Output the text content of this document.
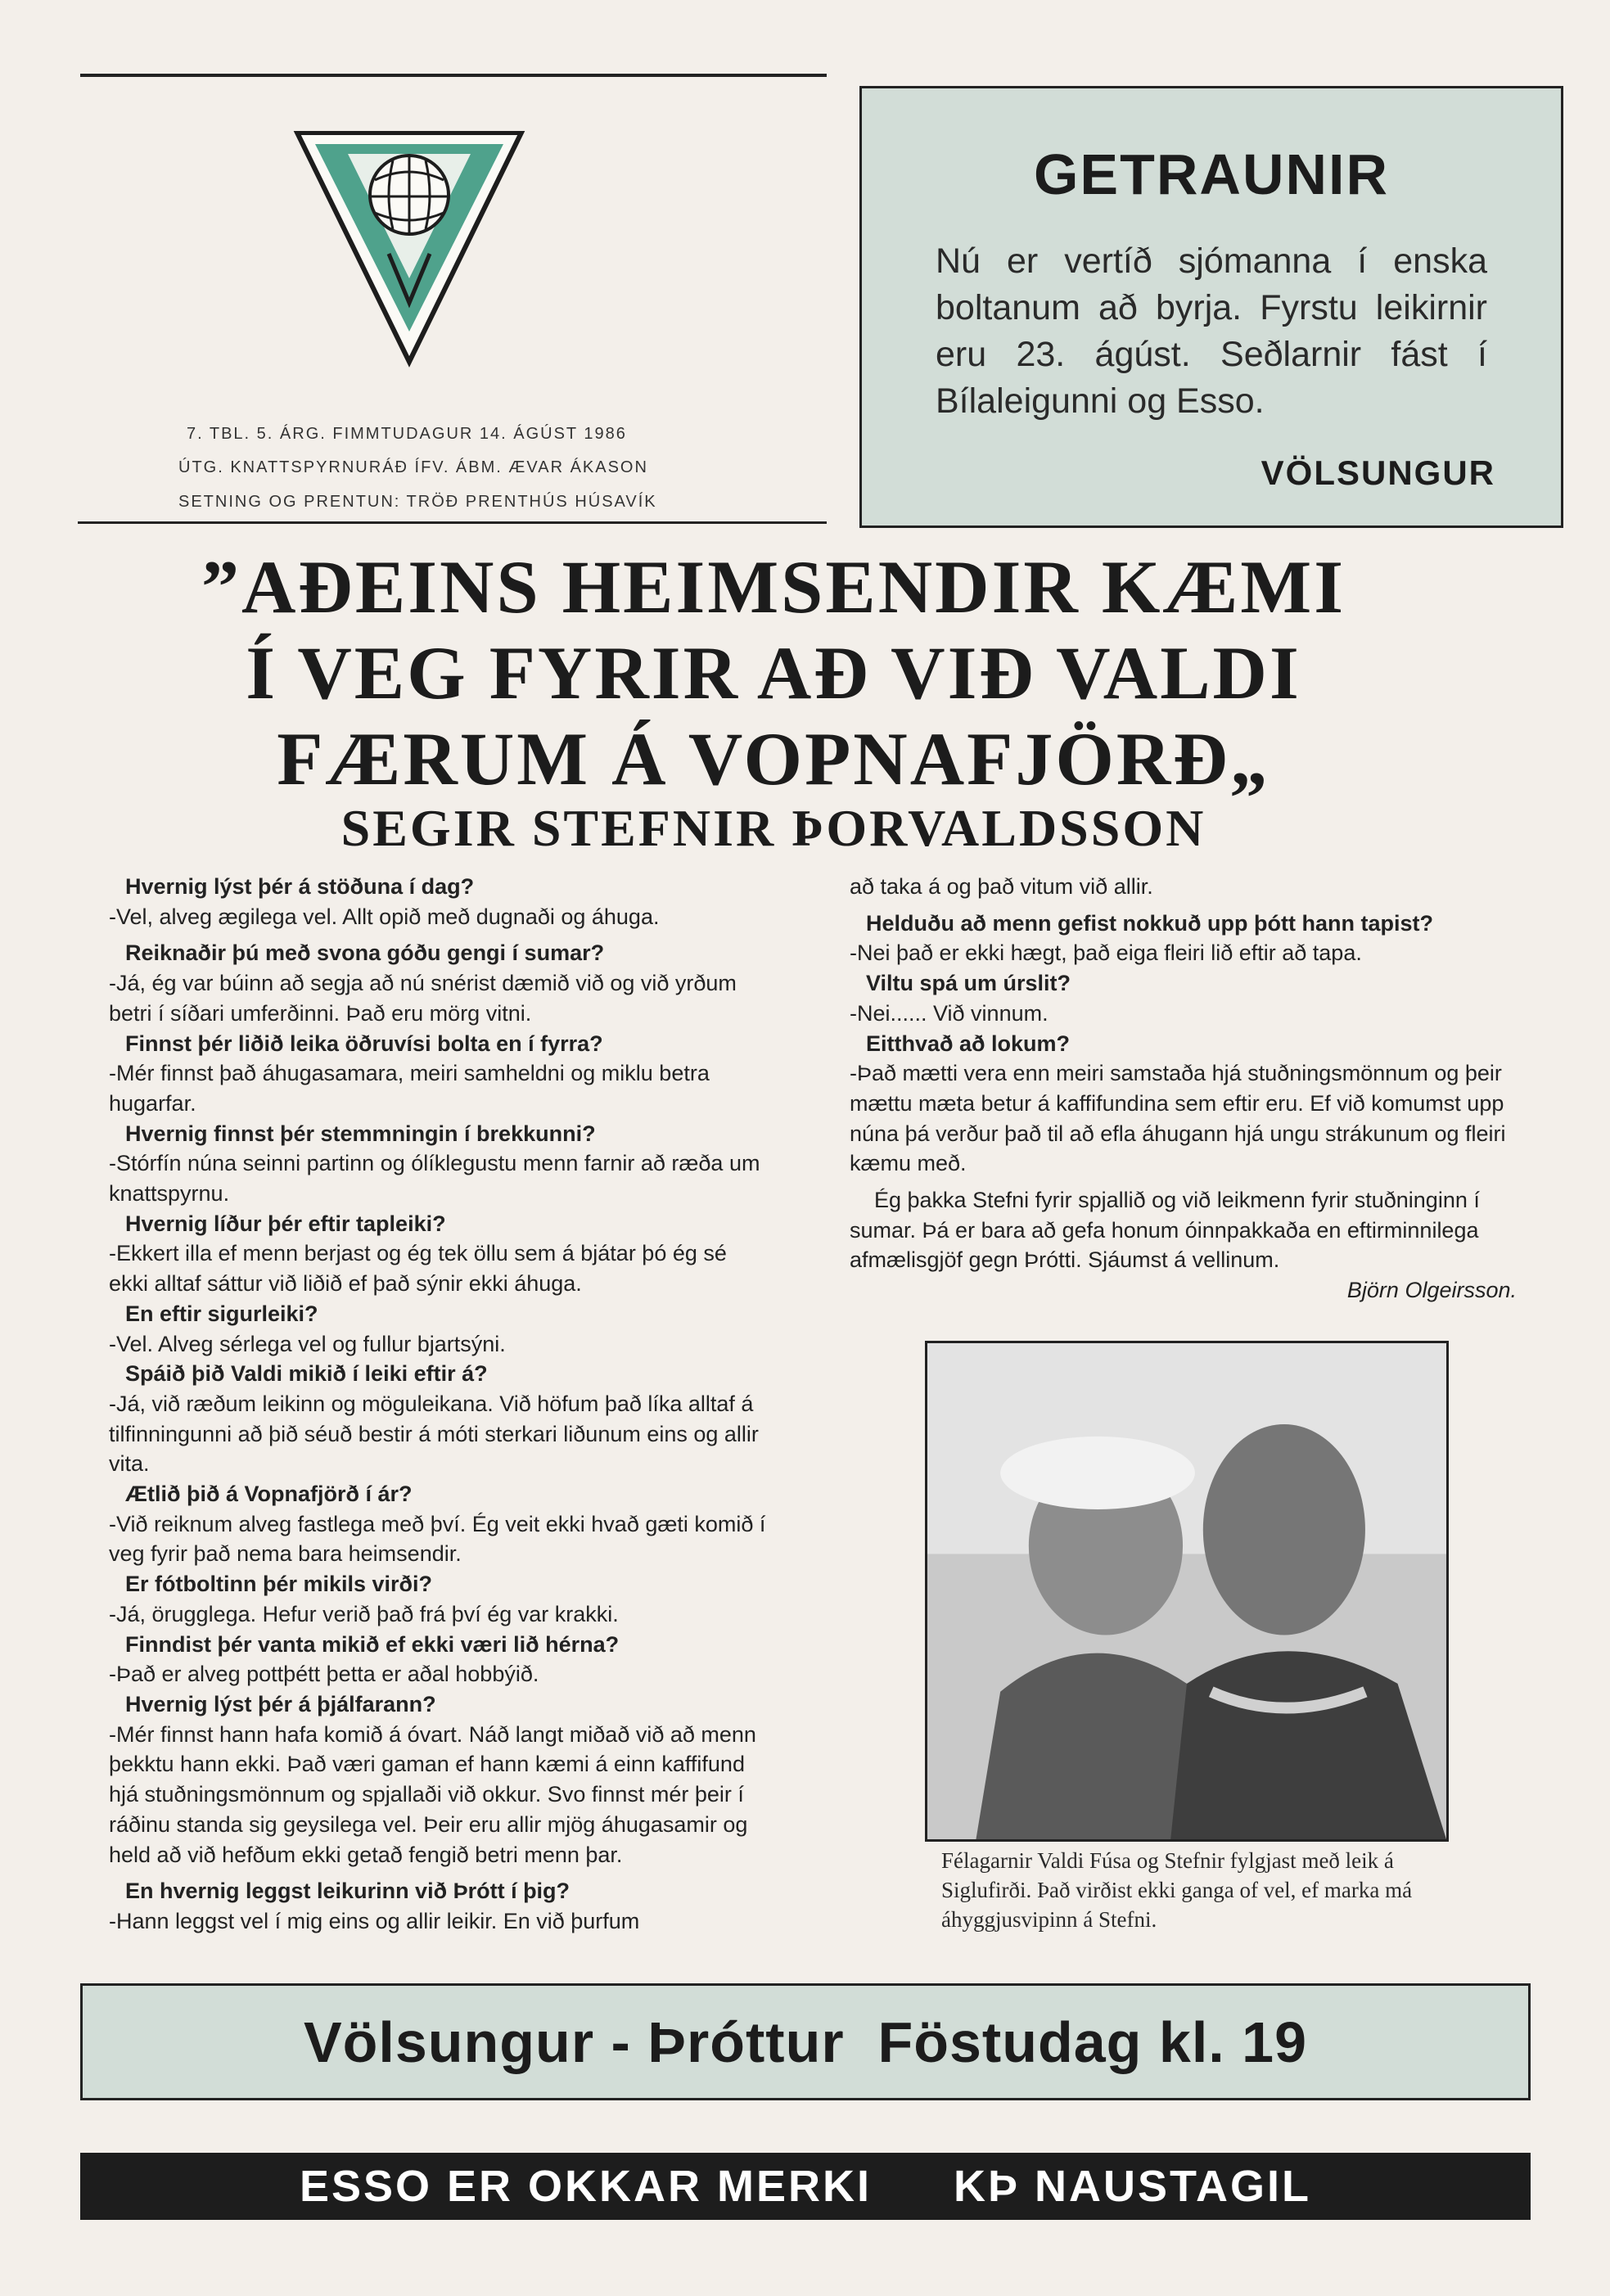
7. TBL. 5. ÁRG. FIMMTUDAGUR 14. ÁGÚST 1986
ÚTG. KNATTSPYRNURÁÐ ÍFV. ÁBM. ÆVAR ÁKASON
SETNING OG PRENTUN: TRÖÐ PRENTHÚS HÚSAVÍK
GETRAUNIR

Nú er vertíð sjómanna í enska boltanum að byrja. Fyrstu leikirnir eru 23. ágúst. Seðlarnir fást í Bílaleigunni og Esso.

VÖLSUNGUR
”AÐEINS HEIMSENDIR KÆMI
Í VEG FYRIR AÐ VIÐ VALDI
FÆRUM Á VOPNAFJÖRÐ„
SEGIR STEFNIR ÞORVALDSSON
Hvernig lýst þér á stöðuna í dag?
-Vel, alveg ægilega vel. Allt opið með dugnaði og áhuga.
Reiknaðir þú með svona góðu gengi í sumar?
-Já, ég var búinn að segja að nú snérist dæmið við og við yrðum betri í síðari umferðinni. Það eru mörg vitni.
Finnst þér liðið leika öðruvísi bolta en í fyrra?
-Mér finnst það áhugasamara, meiri samheldni og miklu betra hugarfar.
Hvernig finnst þér stemmningin í brekkunni?
-Stórfín núna seinni partinn og ólíklegustu menn farnir að ræða um knattspyrnu.
Hvernig líður þér eftir tapleiki?
-Ekkert illa ef menn berjast og ég tek öllu sem á bjátar þó ég sé ekki alltaf sáttur við liðið ef það sýnir ekki áhuga.
En eftir sigurleiki?
-Vel. Alveg sérlega vel og fullur bjartsýni.
Spáið þið Valdi mikið í leiki eftir á?
-Já, við ræðum leikinn og möguleikana. Við höfum það líka alltaf á tilfinningunni að þið séuð bestir á móti sterkari liðunum eins og allir vita.
Ætlið þið á Vopnafjörð í ár?
-Við reiknum alveg fastlega með því. Ég veit ekki hvað gæti komið í veg fyrir það nema bara heimsendir.
Er fótboltinn þér mikils virði?
-Já, örugglega. Hefur verið það frá því ég var krakki.
Finndist þér vanta mikið ef ekki væri lið hérna?
-Það er alveg pottþétt þetta er aðal hobbýið.
Hvernig lýst þér á þjálfarann?
-Mér finnst hann hafa komið á óvart. Náð langt miðað við að menn þekktu hann ekki. Það væri gaman ef hann kæmi á einn kaffifund hjá stuðningsmönnum og spjallaði við okkur. Svo finnst mér þeir í ráðinu standa sig geysilega vel. Þeir eru allir mjög áhugasamir og held að við hefðum ekki getað fengið betri menn þar.
En hvernig leggst leikurinn við Þrótt í þig?
-Hann leggst vel í mig eins og allir leikir. En við þurfum
að taka á og það vitum við allir.
Helduðu að menn gefist nokkuð upp þótt hann tapist?
-Nei það er ekki hægt, það eiga fleiri lið eftir að tapa.
Viltu spá um úrslit?
-Nei...... Við vinnum.
Eitthvað að lokum?
-Það mætti vera enn meiri samstaða hjá stuðningsmönnum og þeir mættu mæta betur á kaffifundina sem eftir eru. Ef við komumst upp núna þá verður það til að efla áhugann hjá ungu strákunum og fleiri kæmu með.
Ég þakka Stefni fyrir spjallið og við leikmenn fyrir stuðninginn í sumar. Þá er bara að gefa honum óinnpakkaða en eftirminnilega afmælisgjöf gegn Þrótti. Sjáumst á vellinum.
Björn Olgeirsson.
Félagarnir Valdi Fúsa og Stefnir fylgjast með leik á Siglufirði. Það virðist ekki ganga of vel, ef marka má áhyggjusvipinn á Stefni.
Völsungur - Þróttur  Föstudag kl. 19
ESSO ER OKKAR MERKI KÞ NAUSTAGIL
